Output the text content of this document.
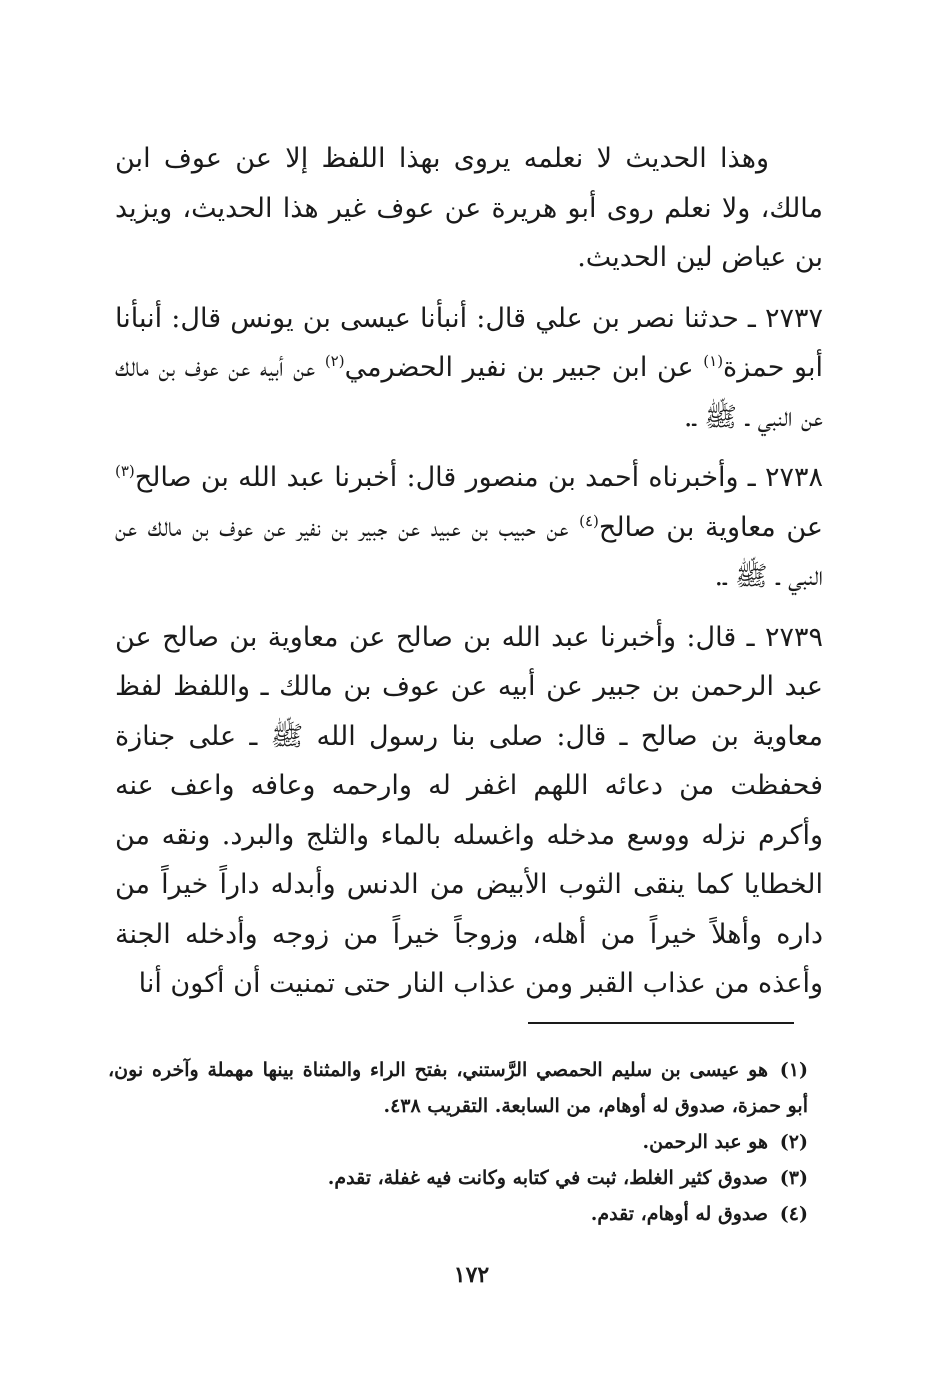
وهذا الحديث لا نعلمه يروى بهذا اللفظ إلا عن عوف ابن مالك، ولا نعلم روى أبو هريرة عن عوف غير هذا الحديث، ويزيد بن عياض لين الحديث.

٢٧٣٧ ـ حدثنا نصر بن علي قال: أنبأنا عيسى بن يونس قال: أنبأنا أبو حمزة$^{(١)}$ عن ابن جبير بن نفير الحضرمي$^{(٢)}$ عن أبيه عن عوف بن مالك عن النبي ـ ﷺ ـ.

٢٧٣٨ ـ وأخبرناه أحمد بن منصور قال: أخبرنا عبد الله بن صالح$^{(٣)}$ عن معاوية بن صالح$^{(٤)}$ عن حبيب بن عبيد عن جبير بن نفير عن عوف بن مالك عن النبي ـ ﷺ ـ.

٢٧٣٩ ـ قال: وأخبرنا عبد الله بن صالح عن معاوية بن صالح عن عبد الرحمن بن جبير عن أبيه عن عوف بن مالك ـ واللفظ لفظ معاوية بن صالح ـ قال: صلى بنا رسول الله ﷺ ـ على جنازة فحفظت من دعائه اللهم اغفر له وارحمه وعافه واعف عنه وأكرم نزله ووسع مدخله واغسله بالماء والثلج والبرد. ونقه من الخطايا كما ينقى الثوب الأبيض من الدنس وأبدله داراً خيراً من داره وأهلاً خيراً من أهله، وزوجاً خيراً من زوجه وأدخله الجنة وأعذه من عذاب القبر ومن عذاب النار حتى تمنيت أن أكون أنا

(١)هو عيسى بن سليم الحمصي الرَّستني، بفتح الراء والمثناة بينها مهملة وآخره نون، أبو حمزة، صدوق له أوهام، من السابعة. التقريب ٤٣٨.

(٢)هو عبد الرحمن.

(٣)صدوق كثير الغلط، ثبت في كتابه وكانت فيه غفلة، تقدم.

(٤)صدوق له أوهام، تقدم.

١٧٢
